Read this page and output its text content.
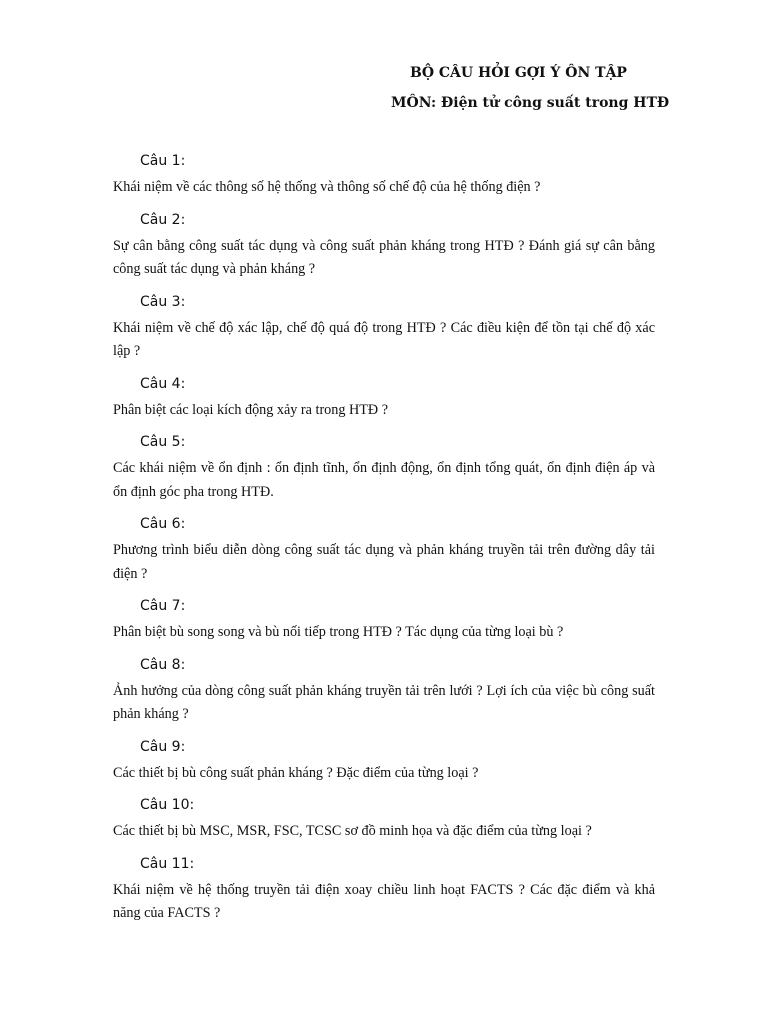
BỘ CÂU HỎI GỢI Ý ÔN TẬP
MÔN: Điện tử công suất trong HTĐ
Câu 1:
Khái niệm về các thông số hệ thống và thông số chế độ của hệ thống điện ?
Câu 2:
Sự cân bằng công suất tác dụng và công suất phản kháng trong HTĐ ? Đánh giá sự cân bằng công suất tác dụng và phản kháng ?
Câu 3:
Khái niệm về chế độ xác lập, chế độ quá độ trong HTĐ ? Các điều kiện để tồn tại chế độ xác lập ?
Câu 4:
Phân biệt các loại kích động xảy ra trong HTĐ ?
Câu 5:
Các khái niệm về ổn định : ổn định tĩnh, ổn định động, ổn định tổng quát, ổn định điện áp và ổn định góc pha trong HTĐ.
Câu 6:
Phương trình biểu diễn dòng công suất tác dụng và phản kháng truyền tải trên đường dây tải điện ?
Câu 7:
Phân biệt bù song song và bù nối tiếp trong HTĐ ? Tác dụng của từng loại bù ?
Câu 8:
Ảnh hưởng của dòng công suất phản kháng truyền tải trên lưới ? Lợi ích của việc bù công suất phản kháng ?
Câu 9:
Các thiết bị bù công suất phản kháng ? Đặc điểm của từng loại ?
Câu 10:
Các thiết bị bù MSC, MSR, FSC, TCSC sơ đồ minh họa và đặc điểm của từng loại ?
Câu 11:
Khái niệm về hệ thống truyền tải điện xoay chiều linh hoạt FACTS ? Các đặc điểm và khả năng của FACTS ?
